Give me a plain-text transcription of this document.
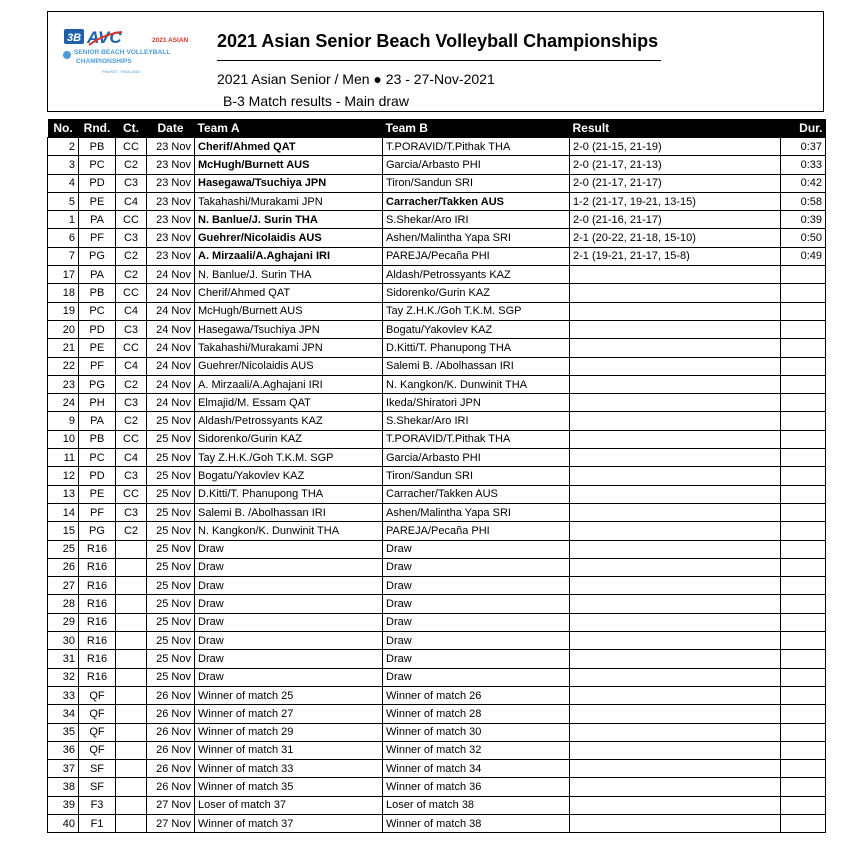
3B AVC	2021 ASIAN
SENIOR BEACH VOLLEYBALL
CHAMPIONSHIPS
PHUKET, THAILAND
2021 Asian Senior Beach Volleyball Championships
2021 Asian Senior / Men ● 23 - 27-Nov-2021
B-3 Match results - Main draw
No.	Rnd.	Ct.	Date	Team A	Team B	Result	Dur.
2	PB	CC	23 Nov	Cherif/Ahmed QAT	T.PORAVID/T.Pithak THA	2-0 (21-15, 21-19)	0:37
3	PC	C2	23 Nov	McHugh/Burnett AUS	Garcia/Arbasto PHI	2-0 (21-17, 21-13)	0:33
4	PD	C3	23 Nov	Hasegawa/Tsuchiya JPN	Tiron/Sandun SRI	2-0 (21-17, 21-17)	0:42
5	PE	C4	23 Nov	Takahashi/Murakami JPN	Carracher/Takken AUS	1-2 (21-17, 19-21, 13-15)	0:58
1	PA	CC	23 Nov	N. Banlue/J. Surin THA	S.Shekar/Aro IRI	2-0 (21-16, 21-17)	0:39
6	PF	C3	23 Nov	Guehrer/Nicolaidis AUS	Ashen/Malintha Yapa SRI	2-1 (20-22, 21-18, 15-10)	0:50
7	PG	C2	23 Nov	A. Mirzaali/A.Aghajani IRI	PAREJA/Pecaña PHI	2-1 (19-21, 21-17, 15-8)	0:49
17	PA	C2	24 Nov	N. Banlue/J. Surin THA	Aldash/Petrossyants KAZ		
18	PB	CC	24 Nov	Cherif/Ahmed QAT	Sidorenko/Gurin KAZ		
19	PC	C4	24 Nov	McHugh/Burnett AUS	Tay Z.H.K./Goh T.K.M. SGP		
20	PD	C3	24 Nov	Hasegawa/Tsuchiya JPN	Bogatu/Yakovlev KAZ		
21	PE	CC	24 Nov	Takahashi/Murakami JPN	D.Kitti/T. Phanupong THA		
22	PF	C4	24 Nov	Guehrer/Nicolaidis AUS	Salemi B. /Abolhassan IRI		
23	PG	C2	24 Nov	A. Mirzaali/A.Aghajani IRI	N. Kangkon/K. Dunwinit THA		
24	PH	C3	24 Nov	Elmajid/M. Essam QAT	Ikeda/Shiratori JPN		
9	PA	C2	25 Nov	Aldash/Petrossyants KAZ	S.Shekar/Aro IRI		
10	PB	CC	25 Nov	Sidorenko/Gurin KAZ	T.PORAVID/T.Pithak THA		
11	PC	C4	25 Nov	Tay Z.H.K./Goh T.K.M. SGP	Garcia/Arbasto PHI		
12	PD	C3	25 Nov	Bogatu/Yakovlev KAZ	Tiron/Sandun SRI		
13	PE	CC	25 Nov	D.Kitti/T. Phanupong THA	Carracher/Takken AUS		
14	PF	C3	25 Nov	Salemi B. /Abolhassan IRI	Ashen/Malintha Yapa SRI		
15	PG	C2	25 Nov	N. Kangkon/K. Dunwinit THA	PAREJA/Pecaña PHI		
25	R16		25 Nov	Draw	Draw		
26	R16		25 Nov	Draw	Draw		
27	R16		25 Nov	Draw	Draw		
28	R16		25 Nov	Draw	Draw		
29	R16		25 Nov	Draw	Draw		
30	R16		25 Nov	Draw	Draw		
31	R16		25 Nov	Draw	Draw		
32	R16		25 Nov	Draw	Draw		
33	QF		26 Nov	Winner of match 25	Winner of match 26		
34	QF		26 Nov	Winner of match 27	Winner of match 28		
35	QF		26 Nov	Winner of match 29	Winner of match 30		
36	QF		26 Nov	Winner of match 31	Winner of match 32		
37	SF		26 Nov	Winner of match 33	Winner of match 34		
38	SF		26 Nov	Winner of match 35	Winner of match 36		
39	F3		27 Nov	Loser of match 37	Loser of match 38		
40	F1		27 Nov	Winner of match 37	Winner of match 38		
